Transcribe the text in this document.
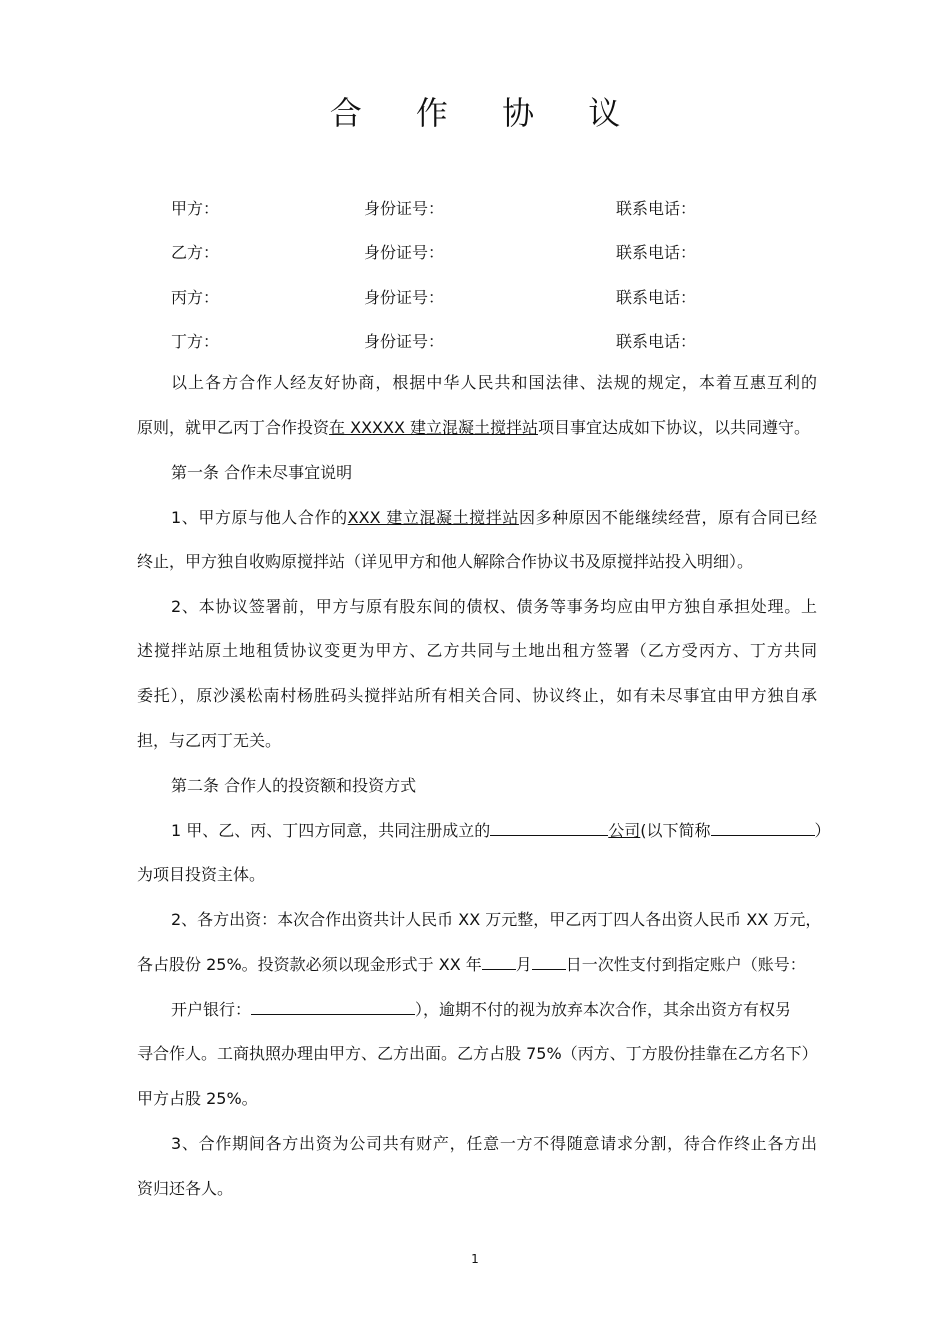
合 作 协 议
甲方：	身份证号：	联系电话：
乙方：	身份证号：	联系电话：
丙方：	身份证号：	联系电话：
丁方：	身份证号：	联系电话：
以上各方合作人经友好协商，根据中华人民共和国法律、法规的规定，本着互惠互利的
原则，就甲乙丙丁合作投资在 XXXXX 建立混凝土搅拌站项目事宜达成如下协议，以共同遵守。
第一条 合作未尽事宜说明
1、甲方原与他人合作的XXX 建立混凝土搅拌站因多种原因不能继续经营，原有合同已经
终止，甲方独自收购原搅拌站（详见甲方和他人解除合作协议书及原搅拌站投入明细）。
2、本协议签署前，甲方与原有股东间的债权、债务等事务均应由甲方独自承担处理。上
述搅拌站原土地租赁协议变更为甲方、乙方共同与土地出租方签署（乙方受丙方、丁方共同
委托），原沙溪松南村杨胜码头搅拌站所有相关合同、协议终止，如有未尽事宜由甲方独自承
担，与乙丙丁无关。
第二条 合作人的投资额和投资方式
1 甲、乙、丙、丁四方同意，共同注册成立的	公司(以下简称	）
为项目投资主体。
2、各方出资：本次合作出资共计人民币 XX 万元整，甲乙丙丁四人各出资人民币 XX 万元，
各占股份 25%。投资款必须以现金形式于 XX 年 月 日一次性支付到指定账户（账号：
开户银行：	），逾期不付的视为放弃本次合作，其余出资方有权另
寻合作人。工商执照办理由甲方、乙方出面。乙方占股 75%（丙方、丁方股份挂靠在乙方名下）
甲方占股 25%。
3、合作期间各方出资为公司共有财产，任意一方不得随意请求分割，待合作终止各方出
资归还各人。
1
